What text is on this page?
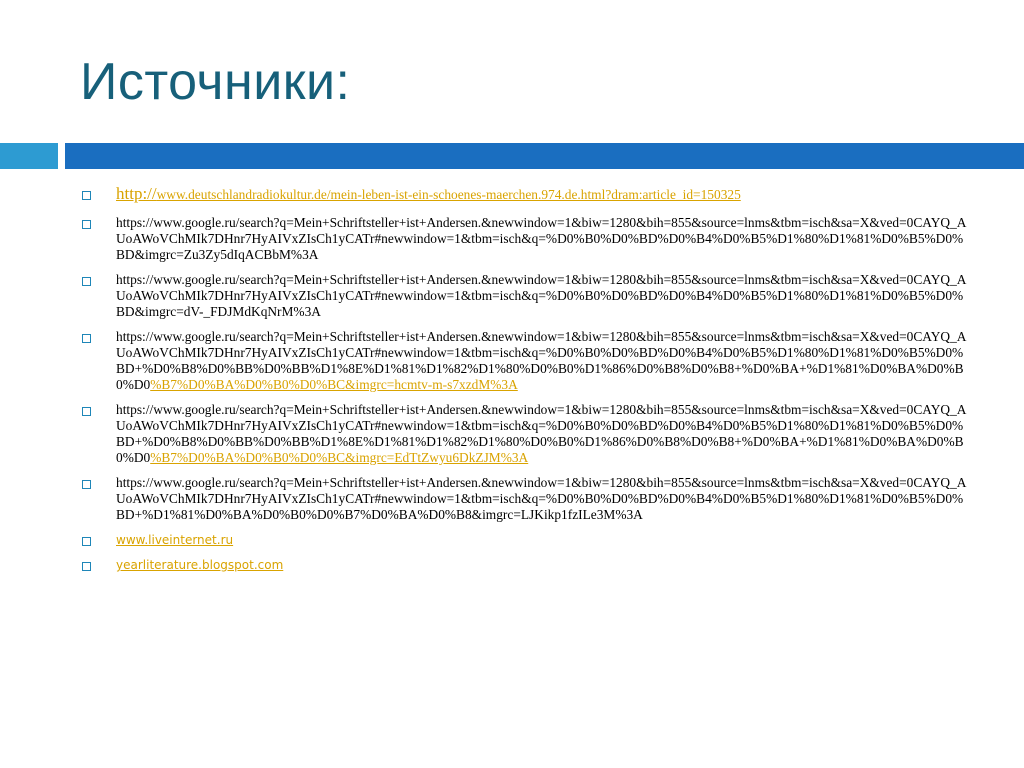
Источники:
http://www.deutschlandradiokultur.de/mein-leben-ist-ein-schoenes-maerchen.974.de.html?dram:article_id=150325
https://www.google.ru/search?q=Mein+Schriftsteller+ist+Andersen.&newwindow=1&biw=1280&bih=855&source=lnms&tbm=isch&sa=X&ved=0CAYQ_AUoAWoVChMIk7DHnr7HyAIVxZIsCh1yCATr#newwindow=1&tbm=isch&q=%D0%B0%D0%BD%D0%B4%D0%B5%D1%80%D1%81%D0%B5%D0%BD&imgrc=Zu3Zy5dIqACBbM%3A
https://www.google.ru/search?q=Mein+Schriftsteller+ist+Andersen.&newwindow=1&biw=1280&bih=855&source=lnms&tbm=isch&sa=X&ved=0CAYQ_AUoAWoVChMIk7DHnr7HyAIVxZIsCh1yCATr#newwindow=1&tbm=isch&q=%D0%B0%D0%BD%D0%B4%D0%B5%D1%80%D1%81%D0%B5%D0%BD&imgrc=dV-_FDJMdKqNrM%3A
https://www.google.ru/search?q=Mein+Schriftsteller+ist+Andersen.&newwindow=1&biw=1280&bih=855&source=lnms&tbm=isch&sa=X&ved=0CAYQ_AUoAWoVChMIk7DHnr7HyAIVxZIsCh1yCATr#newwindow=1&tbm=isch&q=%D0%B0%D0%BD%D0%B4%D0%B5%D1%80%D1%81%D0%B5%D0%BD+%D0%B8%D0%BB%D0%BB%D1%8E%D1%81%D1%82%D1%80%D0%B0%D1%86%D0%B8%D0%B8+%D0%BA+%D1%81%D0%BA%D0%B0%D0%B7%D0%BA%D0%B0%D0%BC&imgrc=hcmtv-m-s7xzdM%3A
https://www.google.ru/search?q=Mein+Schriftsteller+ist+Andersen.&newwindow=1&biw=1280&bih=855&source=lnms&tbm=isch&sa=X&ved=0CAYQ_AUoAWoVChMIk7DHnr7HyAIVxZIsCh1yCATr#newwindow=1&tbm=isch&q=%D0%B0%D0%BD%D0%B4%D0%B5%D1%80%D1%81%D0%B5%D0%BD+%D0%B8%D0%BB%D0%BB%D1%8E%D1%81%D1%82%D1%80%D0%B0%D1%86%D0%B8%D0%B8+%D0%BA+%D1%81%D0%BA%D0%B0%D0%B7%D0%BA%D0%B0%D0%BC&imgrc=EdTtZwyu6DkZJM%3A
https://www.google.ru/search?q=Mein+Schriftsteller+ist+Andersen.&newwindow=1&biw=1280&bih=855&source=lnms&tbm=isch&sa=X&ved=0CAYQ_AUoAWoVChMIk7DHnr7HyAIVxZIsCh1yCATr#newwindow=1&tbm=isch&q=%D0%B0%D0%BD%D0%B4%D0%B5%D1%80%D1%81%D0%B5%D0%BD+%D1%81%D0%BA%D0%B0%D0%B7%D0%BA%D0%B8&imgrc=LJKikp1fzILe3M%3A
www.liveinternet.ru
yearliterature.blogspot.com
